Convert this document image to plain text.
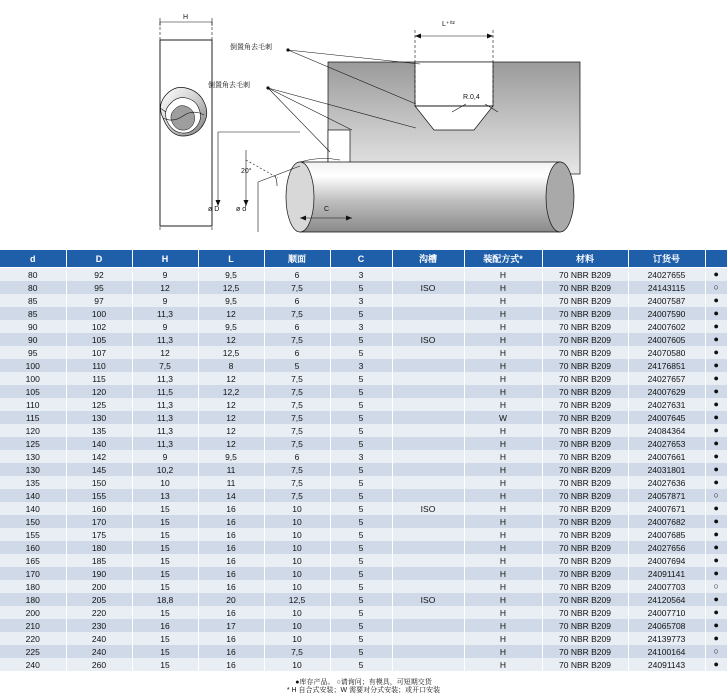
H
L⁺⁰²
R.0,4
20°
C
ø D ø d
倒置角去毛刺
倒置角去毛刺
d	D	H	L	顺面	C	沟槽	装配方式*	材料	订货号	
80	92	9	9,5	6	3		H	70 NBR B209	24027655	●
80	95	12	12,5	7,5	5	ISO	H	70 NBR B209	24143115	○
85	97	9	9,5	6	3		H	70 NBR B209	24007587	●
85	100	11,3	12	7,5	5		H	70 NBR B209	24007590	●
90	102	9	9,5	6	3		H	70 NBR B209	24007602	●
90	105	11,3	12	7,5	5	ISO	H	70 NBR B209	24007605	●
95	107	12	12,5	6	5		H	70 NBR B209	24070580	●
100	110	7,5	8	5	3		H	70 NBR B209	24176851	●
100	115	11,3	12	7,5	5		H	70 NBR B209	24027657	●
105	120	11,5	12,2	7,5	5		H	70 NBR B209	24007629	●
110	125	11,3	12	7,5	5		H	70 NBR B209	24027631	●
115	130	11,3	12	7,5	5		W	70 NBR B209	24007645	●
120	135	11,3	12	7,5	5		H	70 NBR B209	24084364	●
125	140	11,3	12	7,5	5		H	70 NBR B209	24027653	●
130	142	9	9,5	6	3		H	70 NBR B209	24007661	●
130	145	10,2	11	7,5	5		H	70 NBR B209	24031801	●
135	150	10	11	7,5	5		H	70 NBR B209	24027636	●
140	155	13	14	7,5	5		H	70 NBR B209	24057871	○
140	160	15	16	10	5	ISO	H	70 NBR B209	24007671	●
150	170	15	16	10	5		H	70 NBR B209	24007682	●
155	175	15	16	10	5		H	70 NBR B209	24007685	●
160	180	15	16	10	5		H	70 NBR B209	24027656	●
165	185	15	16	10	5		H	70 NBR B209	24007694	●
170	190	15	16	10	5		H	70 NBR B209	24091141	●
180	200	15	16	10	5		H	70 NBR B209	24007703	○
180	205	18,8	20	12,5	5	ISO	H	70 NBR B209	24120564	●
200	220	15	16	10	5		H	70 NBR B209	24007710	●
210	230	16	17	10	5		H	70 NBR B209	24065708	●
220	240	15	16	10	5		H	70 NBR B209	24139773	●
225	240	15	16	7,5	5		H	70 NBR B209	24100164	○
240	260	15	16	10	5		H	70 NBR B209	24091143	●
●库存产品。 ○请询问；有模具，可短期交货
* H 自合式安装；W 需要对分式安装；或开口安装
